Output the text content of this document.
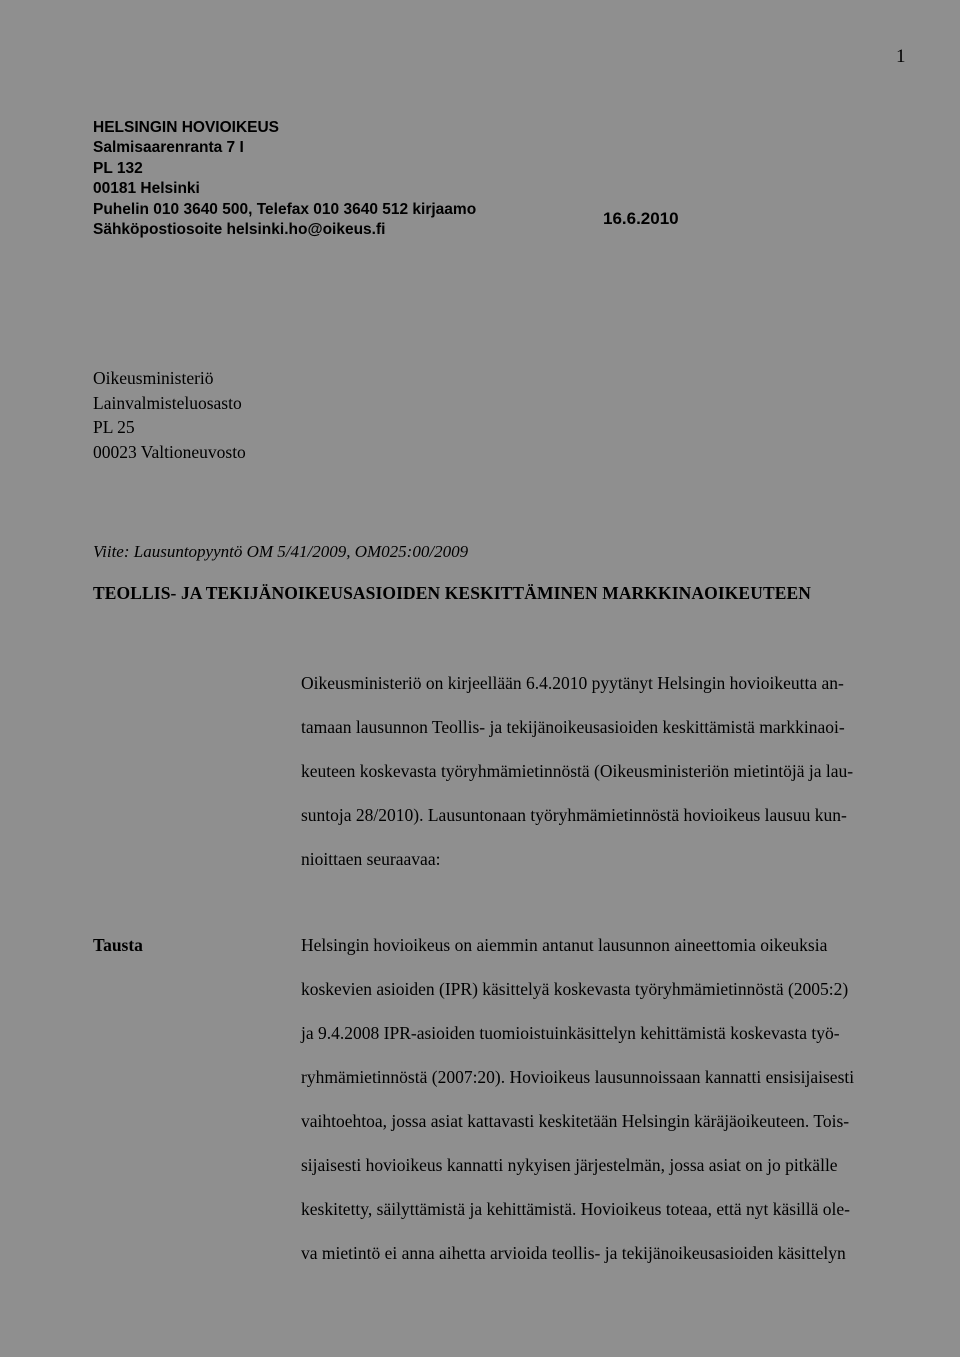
1
HELSINGIN HOVIOIKEUS
Salmisaarenranta 7 I
PL 132
00181 Helsinki
Puhelin 010 3640 500, Telefax 010 3640 512 kirjaamo
Sähköpostiosoite helsinki.ho@oikeus.fi
16.6.2010
Oikeusministeriö
Lainvalmisteluosasto
PL 25
00023 Valtioneuvosto
Viite: Lausuntopyyntö OM 5/41/2009, OM025:00/2009
TEOLLIS- JA TEKIJÄNOIKEUSASIOIDEN KESKITTÄMINEN MARKKINAOIKEUTEEN
Oikeusministeriö on kirjeellään 6.4.2010 pyytänyt Helsingin hovioikeutta an-
tamaan lausunnon Teollis- ja tekijänoikeusasioiden keskittämistä markkinaoi-
keuteen koskevasta työryhmämietinnöstä (Oikeusministeriön mietintöjä ja lau-
suntoja 28/2010). Lausuntonaan työryhmämietinnöstä hovioikeus lausuu kun-
nioittaen seuraavaa:
Tausta	Helsingin hovioikeus on aiemmin antanut lausunnon aineettomia oikeuksia
koskevien asioiden (IPR) käsittelyä koskevasta työryhmämietinnöstä (2005:2)
ja 9.4.2008 IPR-asioiden tuomioistuinkäsittelyn kehittämistä koskevasta työ-
ryhmämietinnöstä (2007:20). Hovioikeus lausunnoissaan kannatti ensisijaisesti
vaihtoehtoa, jossa asiat kattavasti keskitetään Helsingin käräjäoikeuteen. Tois-
sijaisesti hovioikeus kannatti nykyisen järjestelmän, jossa asiat on jo pitkälle
keskitetty, säilyttämistä ja kehittämistä. Hovioikeus toteaa, että nyt käsillä ole-
va mietintö ei anna aihetta arvioida teollis- ja tekijänoikeusasioiden käsittelyn
